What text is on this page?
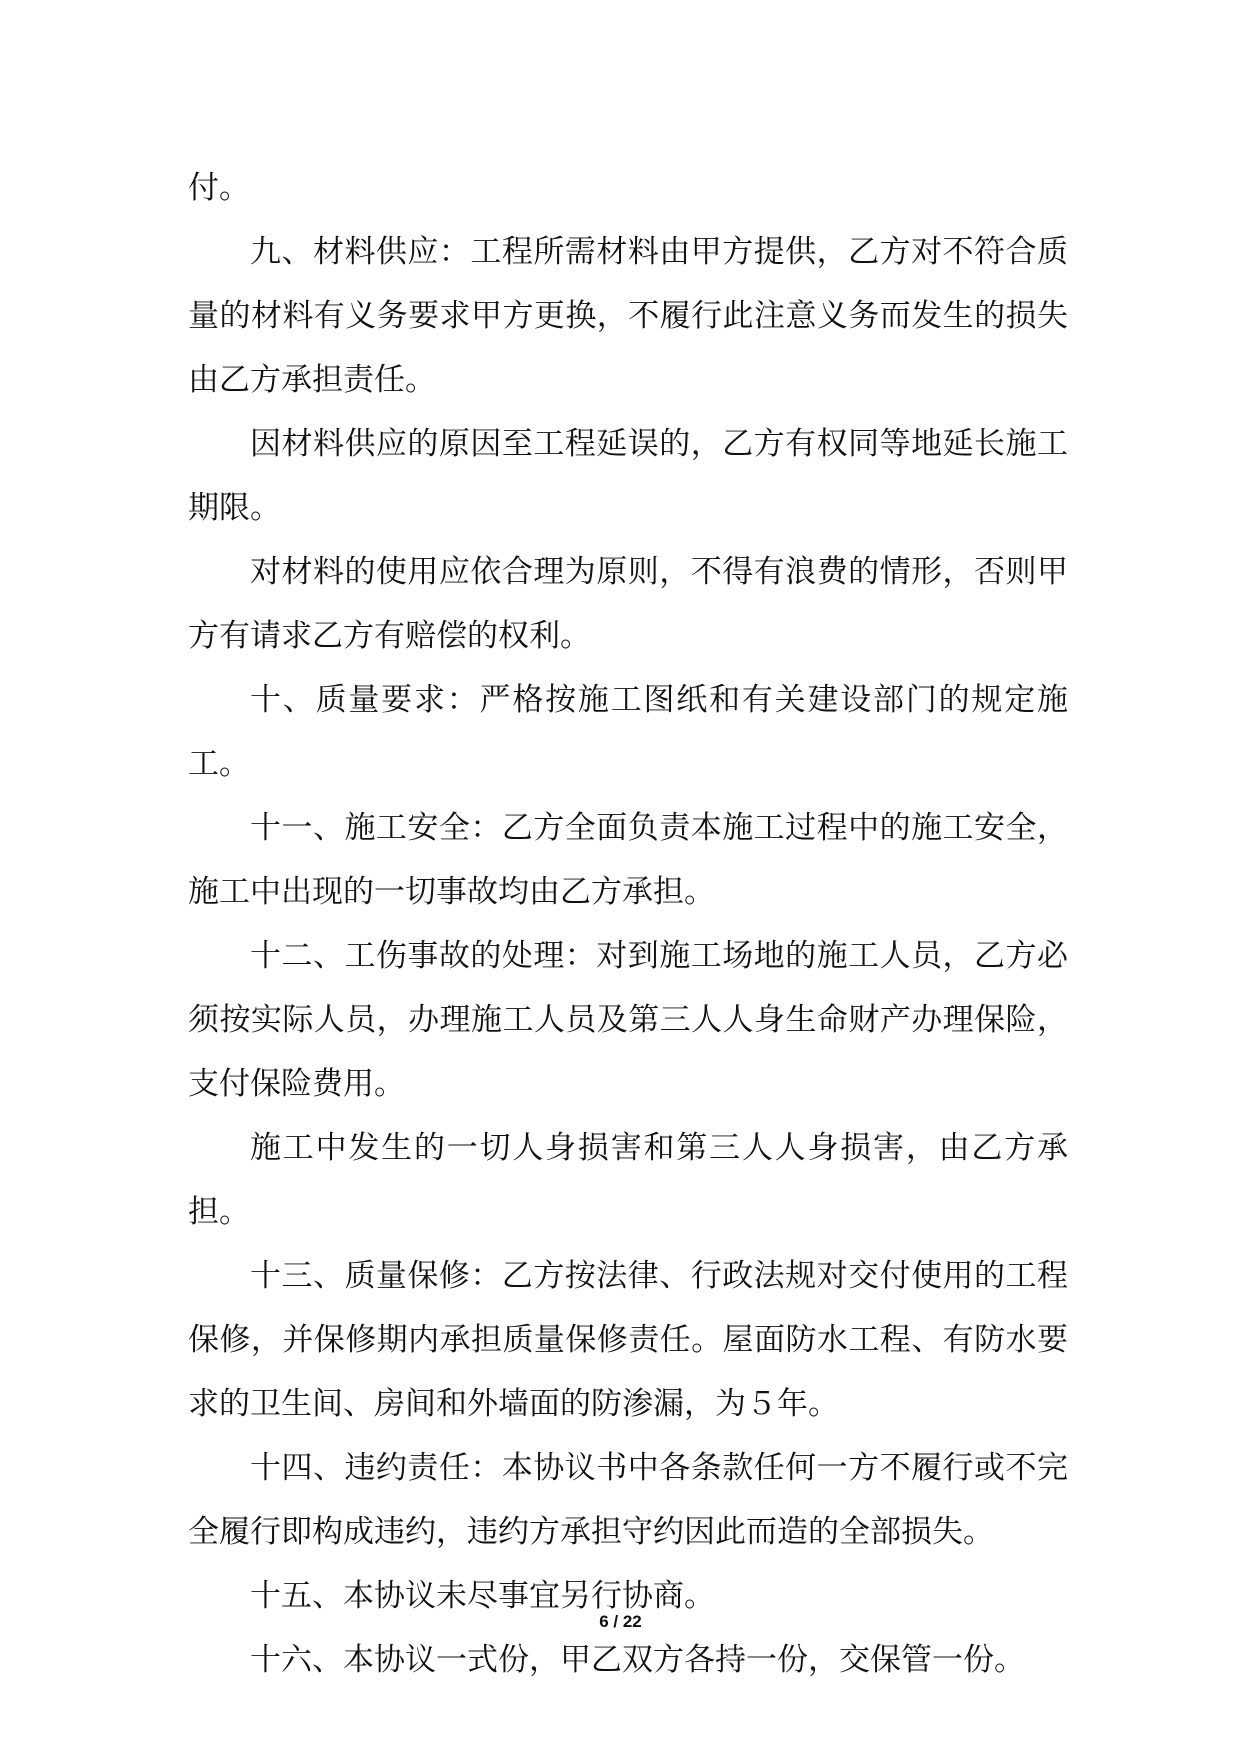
付。

九、材料供应：工程所需材料由甲方提供，乙方对不符合质量的材料有义务要求甲方更换，不履行此注意义务而发生的损失由乙方承担责任。

因材料供应的原因至工程延误的，乙方有权同等地延长施工期限。

对材料的使用应依合理为原则，不得有浪费的情形，否则甲方有请求乙方有赔偿的权利。

十、质量要求：严格按施工图纸和有关建设部门的规定施工。

十一、施工安全：乙方全面负责本施工过程中的施工安全，施工中出现的一切事故均由乙方承担。

十二、工伤事故的处理：对到施工场地的施工人员，乙方必须按实际人员，办理施工人员及第三人人身生命财产办理保险，支付保险费用。

施工中发生的一切人身损害和第三人人身损害，由乙方承担。

十三、质量保修：乙方按法律、行政法规对交付使用的工程保修，并保修期内承担质量保修责任。屋面防水工程、有防水要求的卫生间、房间和外墙面的防渗漏，为５年。

十四、违约责任：本协议书中各条款任何一方不履行或不完全履行即构成违约，违约方承担守约因此而造的全部损失。

十五、本协议未尽事宜另行协商。

十六、本协议一式份，甲乙双方各持一份，交保管一份。

6 / 22
